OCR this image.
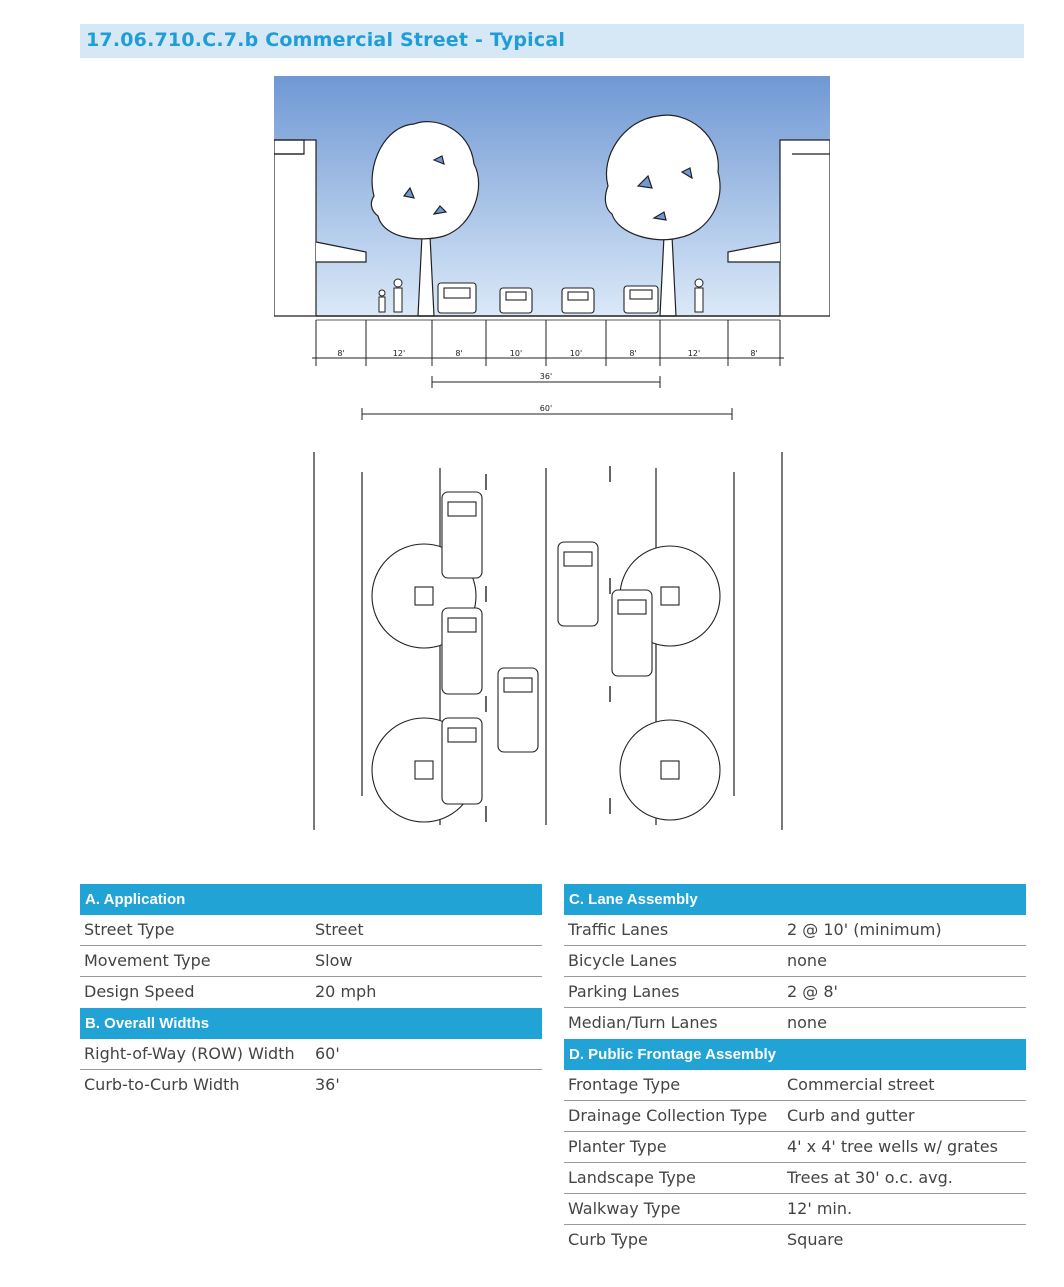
17.06.710.C.7.b Commercial Street - Typical
8'	12'	8'	10'	10'	8'	12'	8'
36'
60'
A. Application
Street Type	Street
Movement Type	Slow
Design Speed	20 mph
B. Overall Widths
Right-of-Way (ROW) Width 60'
Curb-to-Curb Width	36'
C. Lane Assembly
Traffic Lanes	2 @ 10' (minimum)
Bicycle Lanes	none
Parking Lanes	2 @ 8'
Median/Turn Lanes	none
D. Public Frontage Assembly
Frontage Type	Commercial street
Drainage Collection Type Curb and gutter
Planter Type	4' x 4' tree wells w/ grates
Landscape Type	Trees at 30' o.c. avg.
Walkway Type	12' min.
Curb Type	Square
